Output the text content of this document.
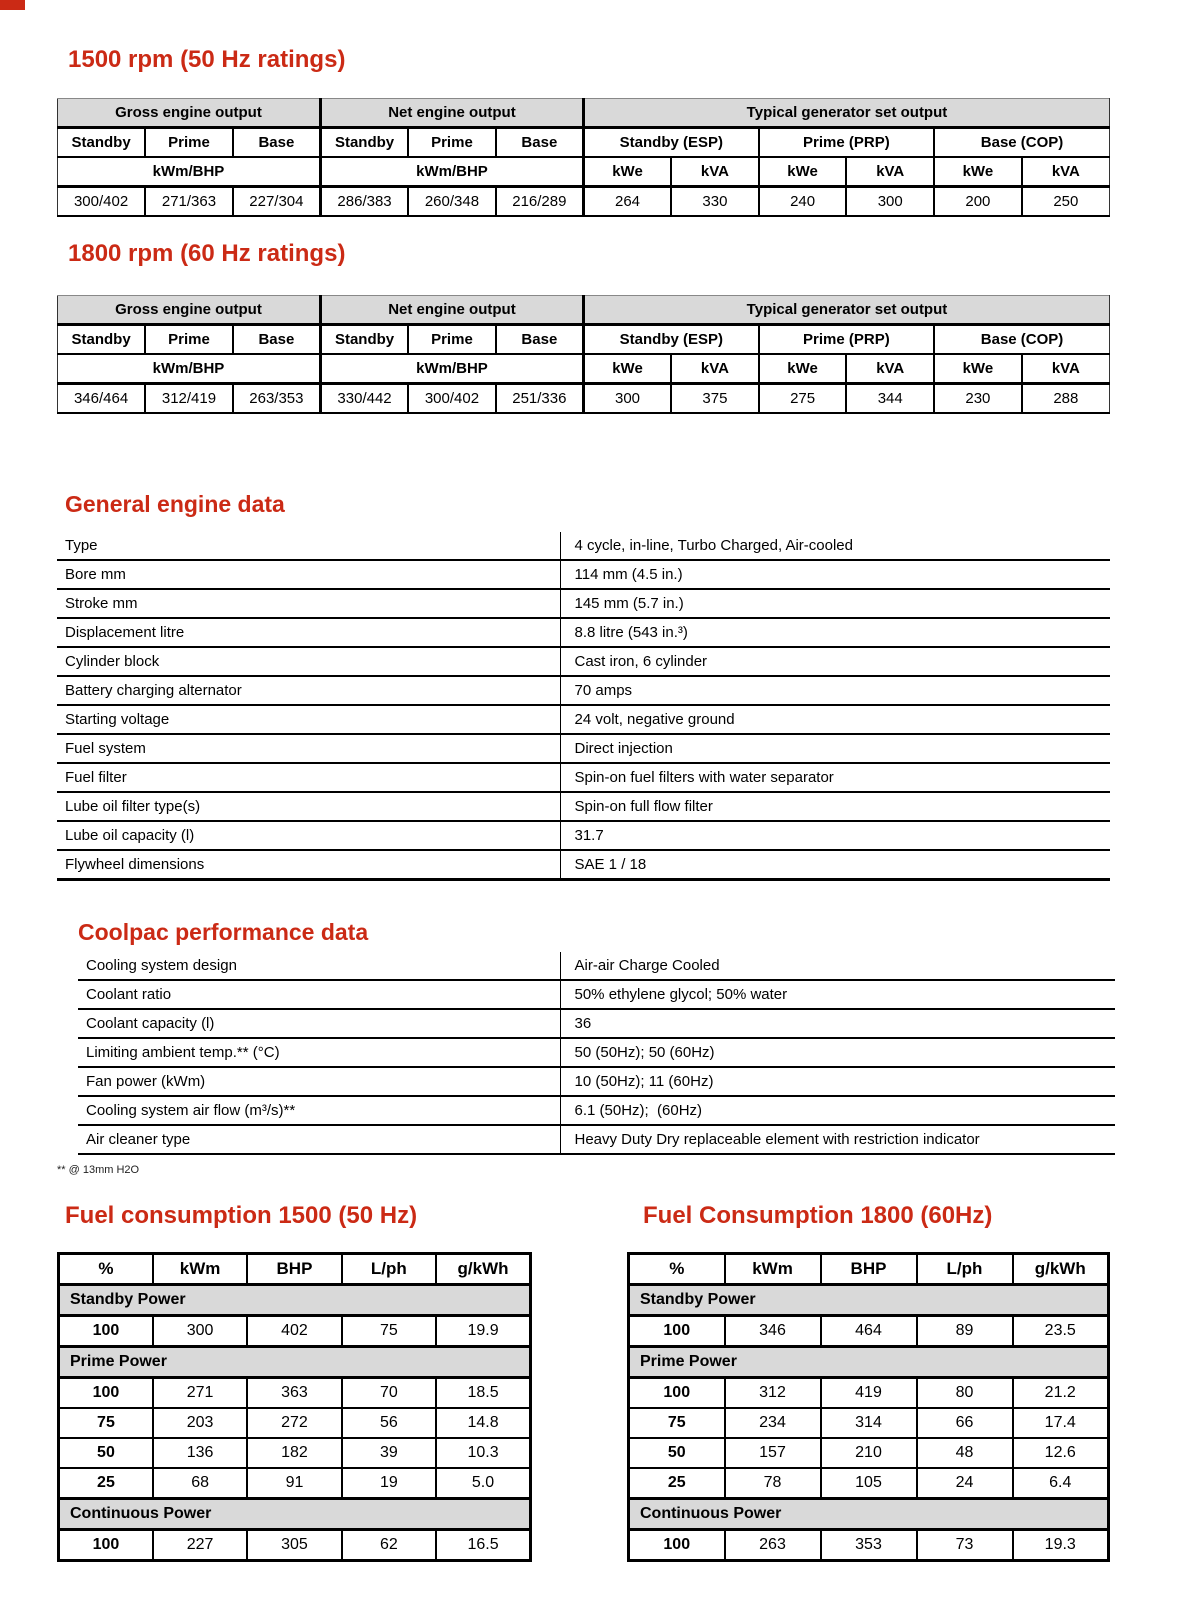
1500 rpm (50 Hz ratings)
Gross engine output			Net engine output			Typical generator set output					
Standby	Prime	Base	Standby	Prime	Base	Standby (ESP)		Prime (PRP)		Base (COP)	
kWm/BHP			kWm/BHP			kWe	kVA	kWe	kVA	kWe	kVA
300/402	271/363	227/304	286/383	260/348	216/289	264	330	240	300	200	250
1800 rpm (60 Hz ratings)
Gross engine output			Net engine output			Typical generator set output					
Standby	Prime	Base	Standby	Prime	Base	Standby (ESP)		Prime (PRP)		Base (COP)	
kWm/BHP			kWm/BHP			kWe	kVA	kWe	kVA	kWe	kVA
346/464	312/419	263/353	330/442	300/402	251/336	300	375	275	344	230	288
General engine data
Type	4 cycle, in-line, Turbo Charged, Air-cooled
Bore mm	114 mm (4.5 in.)
Stroke mm	145 mm (5.7 in.)
Displacement litre	8.8 litre (543 in.³)
Cylinder block	Cast iron, 6 cylinder
Battery charging alternator	70 amps
Starting voltage	24 volt, negative ground
Fuel system	Direct injection
Fuel filter	Spin-on fuel filters with water separator
Lube oil filter type(s)	Spin-on full flow filter
Lube oil capacity (l)	31.7
Flywheel dimensions	SAE 1 / 18
Coolpac performance data
Cooling system design	Air-air Charge Cooled
Coolant ratio	50% ethylene glycol; 50% water
Coolant capacity (l)	36
Limiting ambient temp.** (°C)	50 (50Hz); 50 (60Hz)
Fan power (kWm)	10 (50Hz); 11 (60Hz)
Cooling system air flow (m³/s)**	6.1 (50Hz);  (60Hz)
Air cleaner type	Heavy Duty Dry replaceable element with restriction indicator
** @ 13mm H2O
Fuel consumption 1500 (50 Hz)	Fuel Consumption 1800 (60Hz)
%	kWm	BHP	L/ph	g/kWh
Standby Power				
100	300	402	75	19.9
Prime Power				
100	271	363	70	18.5
75	203	272	56	14.8
50	136	182	39	10.3
25	68	91	19	5.0
Continuous Power				
100	227	305	62	16.5
%	kWm	BHP	L/ph	g/kWh
Standby Power				
100	346	464	89	23.5
Prime Power				
100	312	419	80	21.2
75	234	314	66	17.4
50	157	210	48	12.6
25	78	105	24	6.4
Continuous Power				
100	263	353	73	19.3
